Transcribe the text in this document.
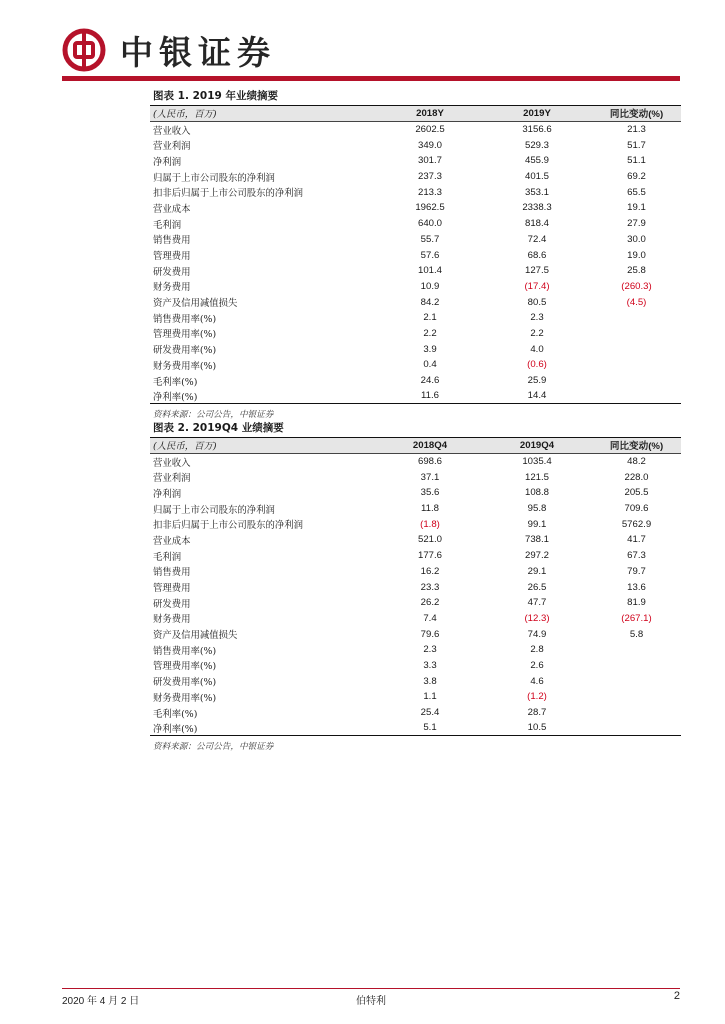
中银证券
图表 1. 2019 年业绩摘要
(人民币，百万)	2018Y	2019Y	同比变动(%)
营业收入	2602.5	3156.6	21.3
营业利润	349.0	529.3	51.7
净利润	301.7	455.9	51.1
归属于上市公司股东的净利润	237.3	401.5	69.2
扣非后归属于上市公司股东的净利润	213.3	353.1	65.5
营业成本	1962.5	2338.3	19.1
毛利润	640.0	818.4	27.9
销售费用	55.7	72.4	30.0
管理费用	57.6	68.6	19.0
研发费用	101.4	127.5	25.8
财务费用	10.9	(17.4)	(260.3)
资产及信用减值损失	84.2	80.5	(4.5)
销售费用率(%)	2.1	2.3
管理费用率(%)	2.2	2.2
研发费用率(%)	3.9	4.0
财务费用率(%)	0.4	(0.6)
毛利率(%)	24.6	25.9
净利率(%)	11.6	14.4
资料来源：公司公告，中银证券
图表 2. 2019Q4 业绩摘要
(人民币，百万)	2018Q4	2019Q4	同比变动(%)
营业收入	698.6	1035.4	48.2
营业利润	37.1	121.5	228.0
净利润	35.6	108.8	205.5
归属于上市公司股东的净利润	11.8	95.8	709.6
扣非后归属于上市公司股东的净利润	(1.8)	99.1	5762.9
营业成本	521.0	738.1	41.7
毛利润	177.6	297.2	67.3
销售费用	16.2	29.1	79.7
管理费用	23.3	26.5	13.6
研发费用	26.2	47.7	81.9
财务费用	7.4	(12.3)	(267.1)
资产及信用减值损失	79.6	74.9	5.8
销售费用率(%)	2.3	2.8
管理费用率(%)	3.3	2.6
研发费用率(%)	3.8	4.6
财务费用率(%)	1.1	(1.2)
毛利率(%)	25.4	28.7
净利率(%)	5.1	10.5
资料来源：公司公告，中银证券
2020 年 4 月 2 日	伯特利	2
